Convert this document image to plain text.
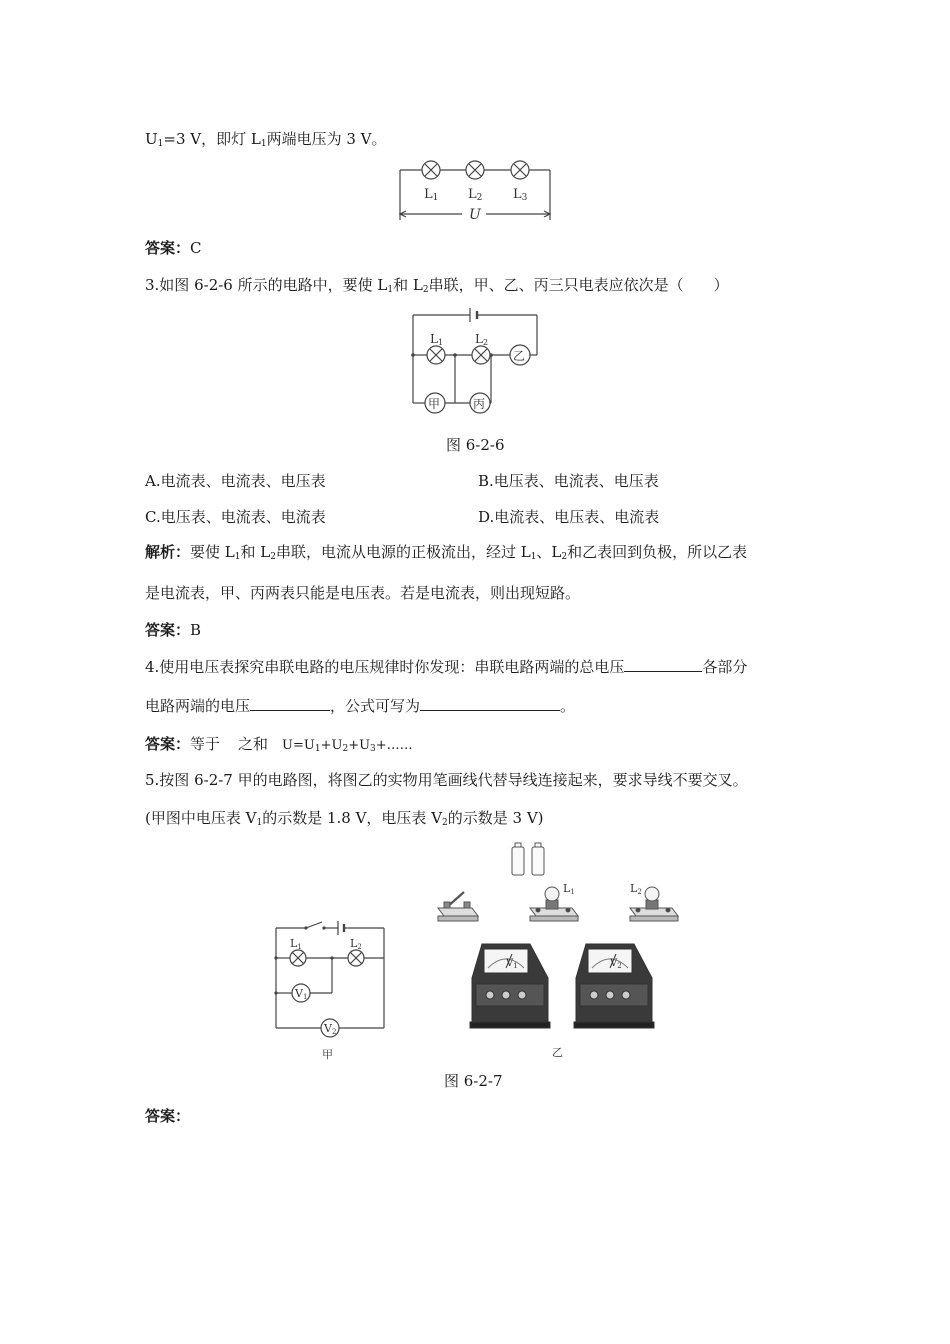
$U_1=3$ V，即灯 $L_1$两端电压为 3 V。
L1 L2 L3
U
答案：C
3.如图 6-2-6 所示的电路中，要使 $L_1$和 $L_2$串联，甲、乙、丙三只电表应依次是（　　）
L1	L2
乙
甲	丙
图 6-2-6
A.电流表、电流表、电压表	B.电压表、电流表、电压表
C.电压表、电流表、电流表	D.电流表、电压表、电流表
解析：要使 $L_1$和 $L_2$串联，电流从电源的正极流出，经过 $L_1$、$L_2$和乙表回到负极，所以乙表
是电流表，甲、丙两表只能是电压表。若是电流表，则出现短路。
答案：B
4.使用电压表探究串联电路的电压规律时你发现：串联电路两端的总电压	各部分
电路两端的电压	，公式可写为	。
答案：等于 之和 $U=U_1+U_2+U_3+\dots\dots$
5.按图 6-2-7 甲的电路图，将图乙的实物用笔画线代替导线连接起来，要求导线不要交叉。
(甲图中电压表 $V_1$的示数是 1.8 V，电压表 $V_2$的示数是 3 V)
L1	L2
V1
V2
甲
L1	L2
$V_1$	$V_2$
乙
图 6-2-7
答案：
